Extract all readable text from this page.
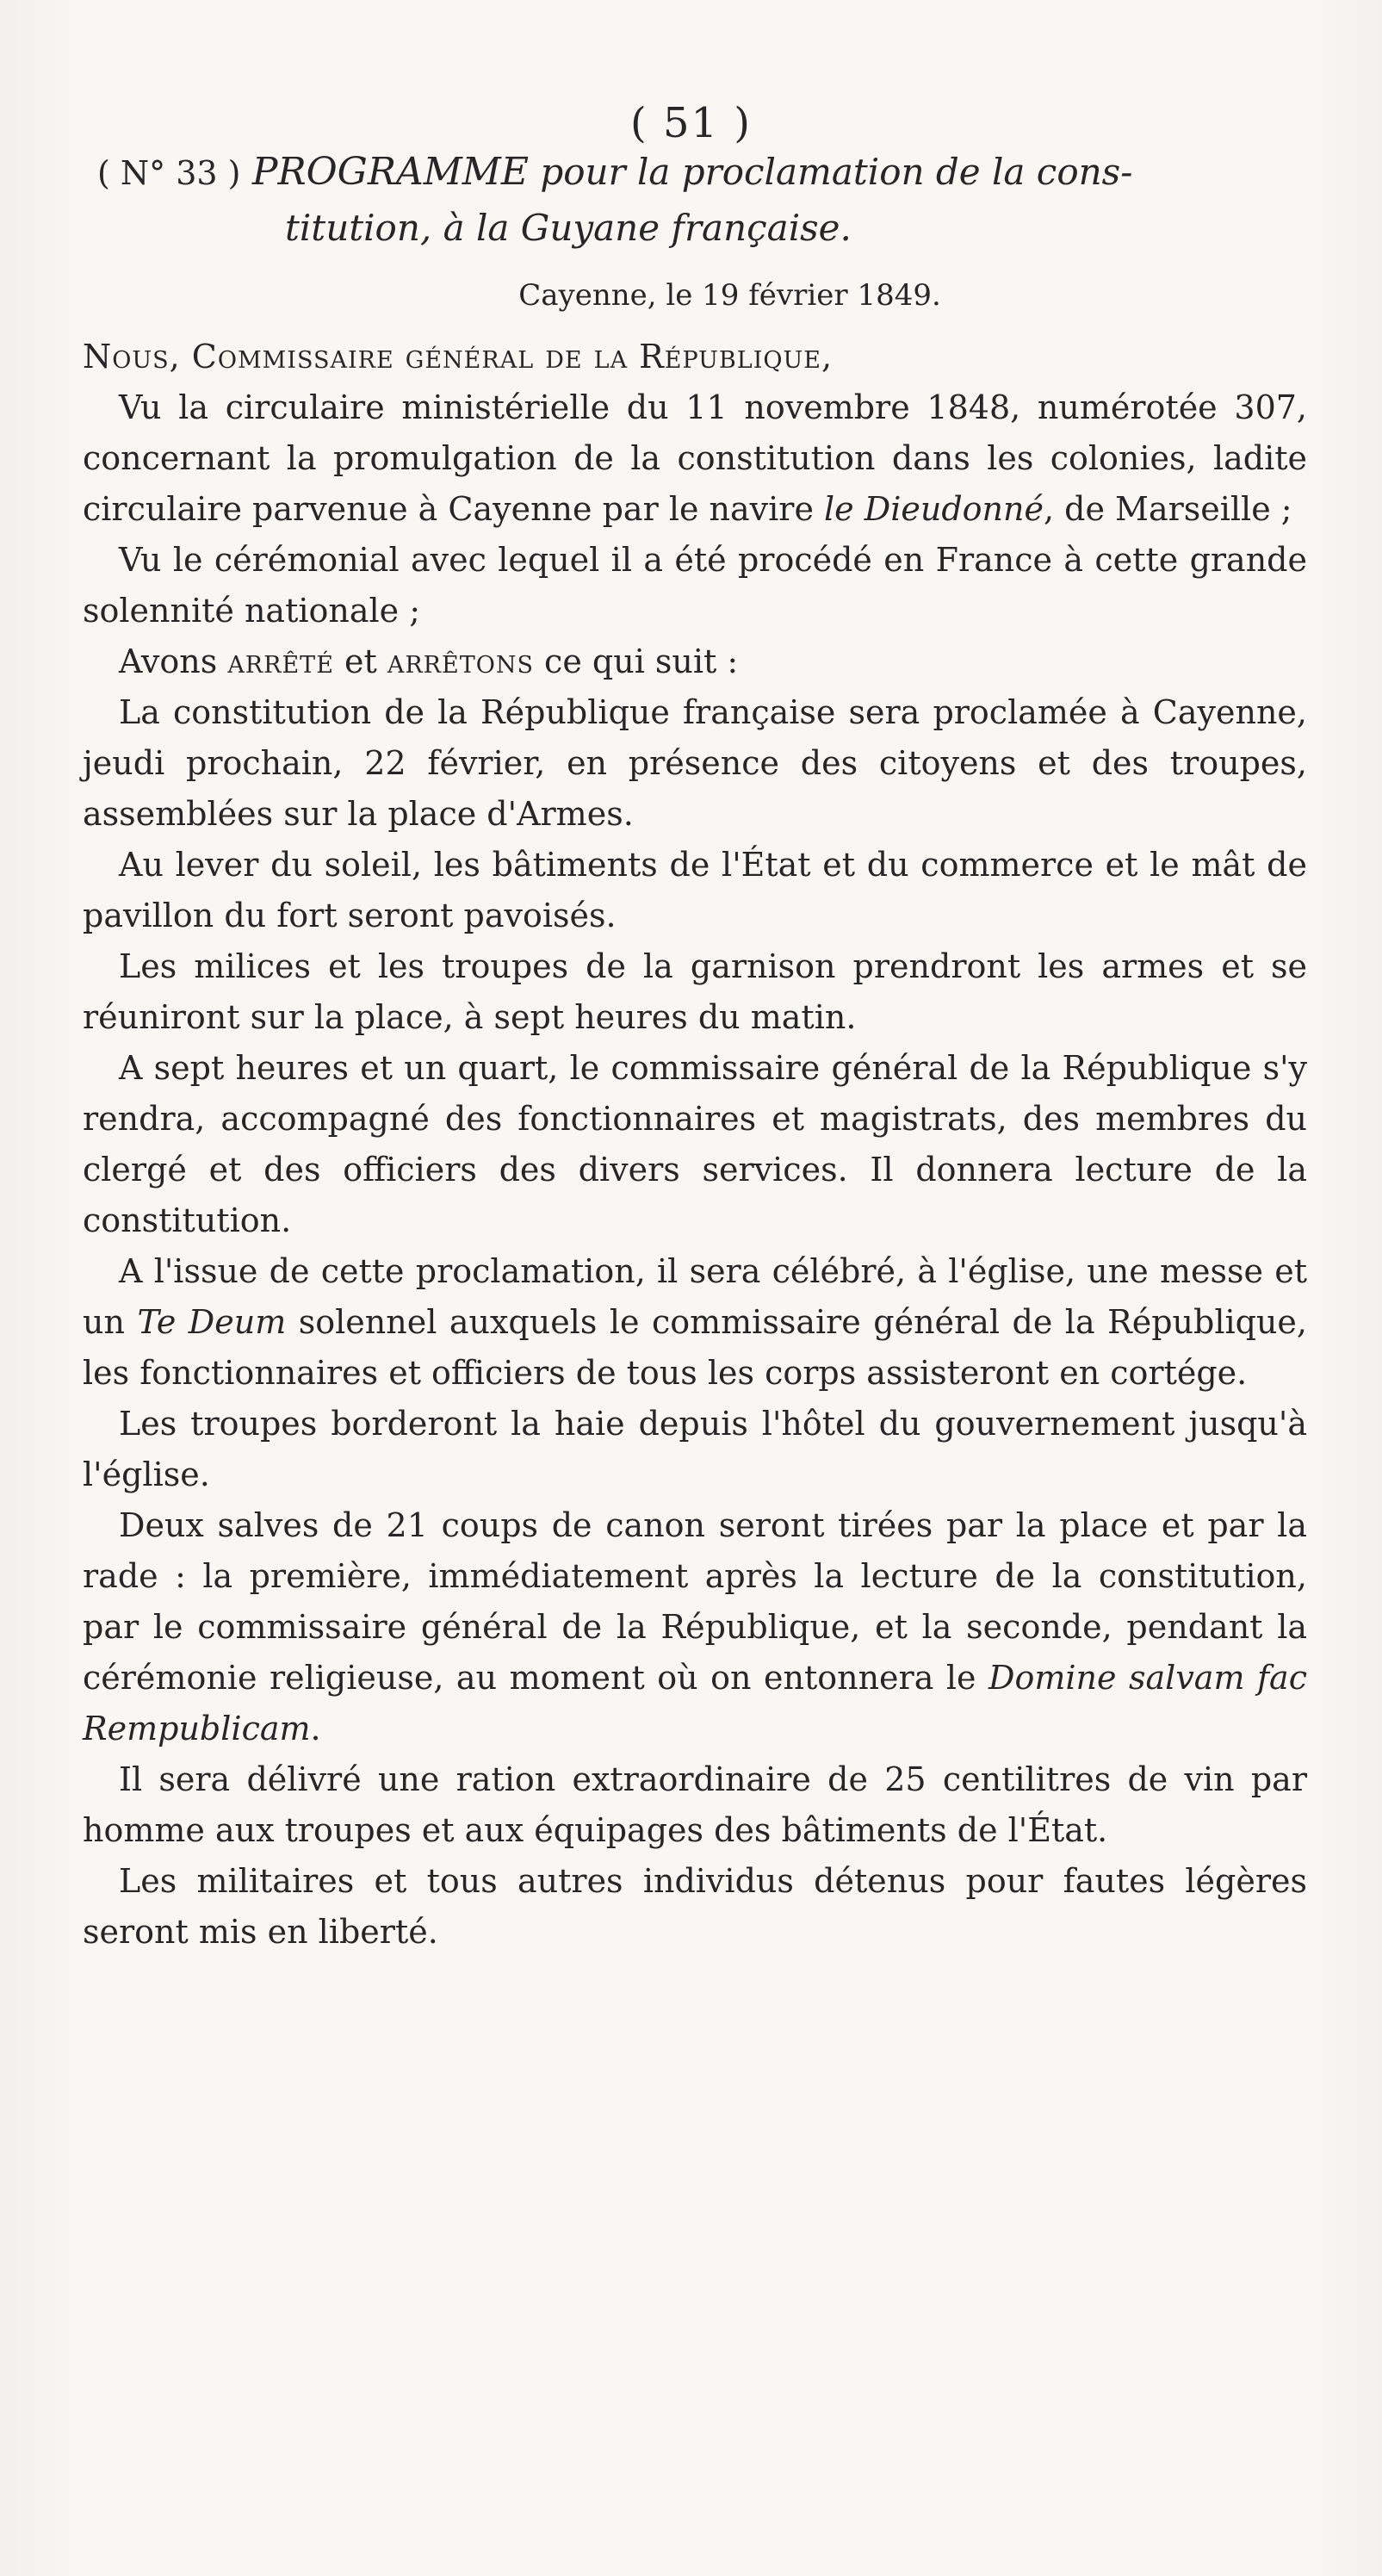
( 51 )
( N° 33 ) PROGRAMME pour la proclamation de la cons-
titution, à la Guyane française.
Cayenne, le 19 février 1849.

Nous, Commissaire général de la République,

Vu la circulaire ministérielle du 11 novembre 1848, numérotée 307, concernant la promulgation de la constitution dans les colonies, ladite circulaire parvenue à Cayenne par le navire le Dieudonné, de Marseille ;

Vu le cérémonial avec lequel il a été procédé en France à cette grande solennité nationale ;

Avons arrêté et arrêtons ce qui suit :

La constitution de la République française sera proclamée à Cayenne, jeudi prochain, 22 février, en présence des citoyens et des troupes, assemblées sur la place d'Armes.

Au lever du soleil, les bâtiments de l'État et du commerce et le mât de pavillon du fort seront pavoisés.

Les milices et les troupes de la garnison prendront les armes et se réuniront sur la place, à sept heures du matin.

A sept heures et un quart, le commissaire général de la République s'y rendra, accompagné des fonctionnaires et magistrats, des membres du clergé et des officiers des divers services. Il donnera lecture de la constitution.

A l'issue de cette proclamation, il sera célébré, à l'église, une messe et un Te Deum solennel auxquels le commissaire général de la République, les fonctionnaires et officiers de tous les corps assisteront en cortége.

Les troupes borderont la haie depuis l'hôtel du gouvernement jusqu'à l'église.

Deux salves de 21 coups de canon seront tirées par la place et par la rade : la première, immédiatement après la lecture de la constitution, par le commissaire général de la République, et la seconde, pendant la cérémonie religieuse, au moment où on entonnera le Domine salvam fac Rempublicam.

Il sera délivré une ration extraordinaire de 25 centilitres de vin par homme aux troupes et aux équipages des bâtiments de l'État.

Les militaires et tous autres individus détenus pour fautes légères seront mis en liberté.
